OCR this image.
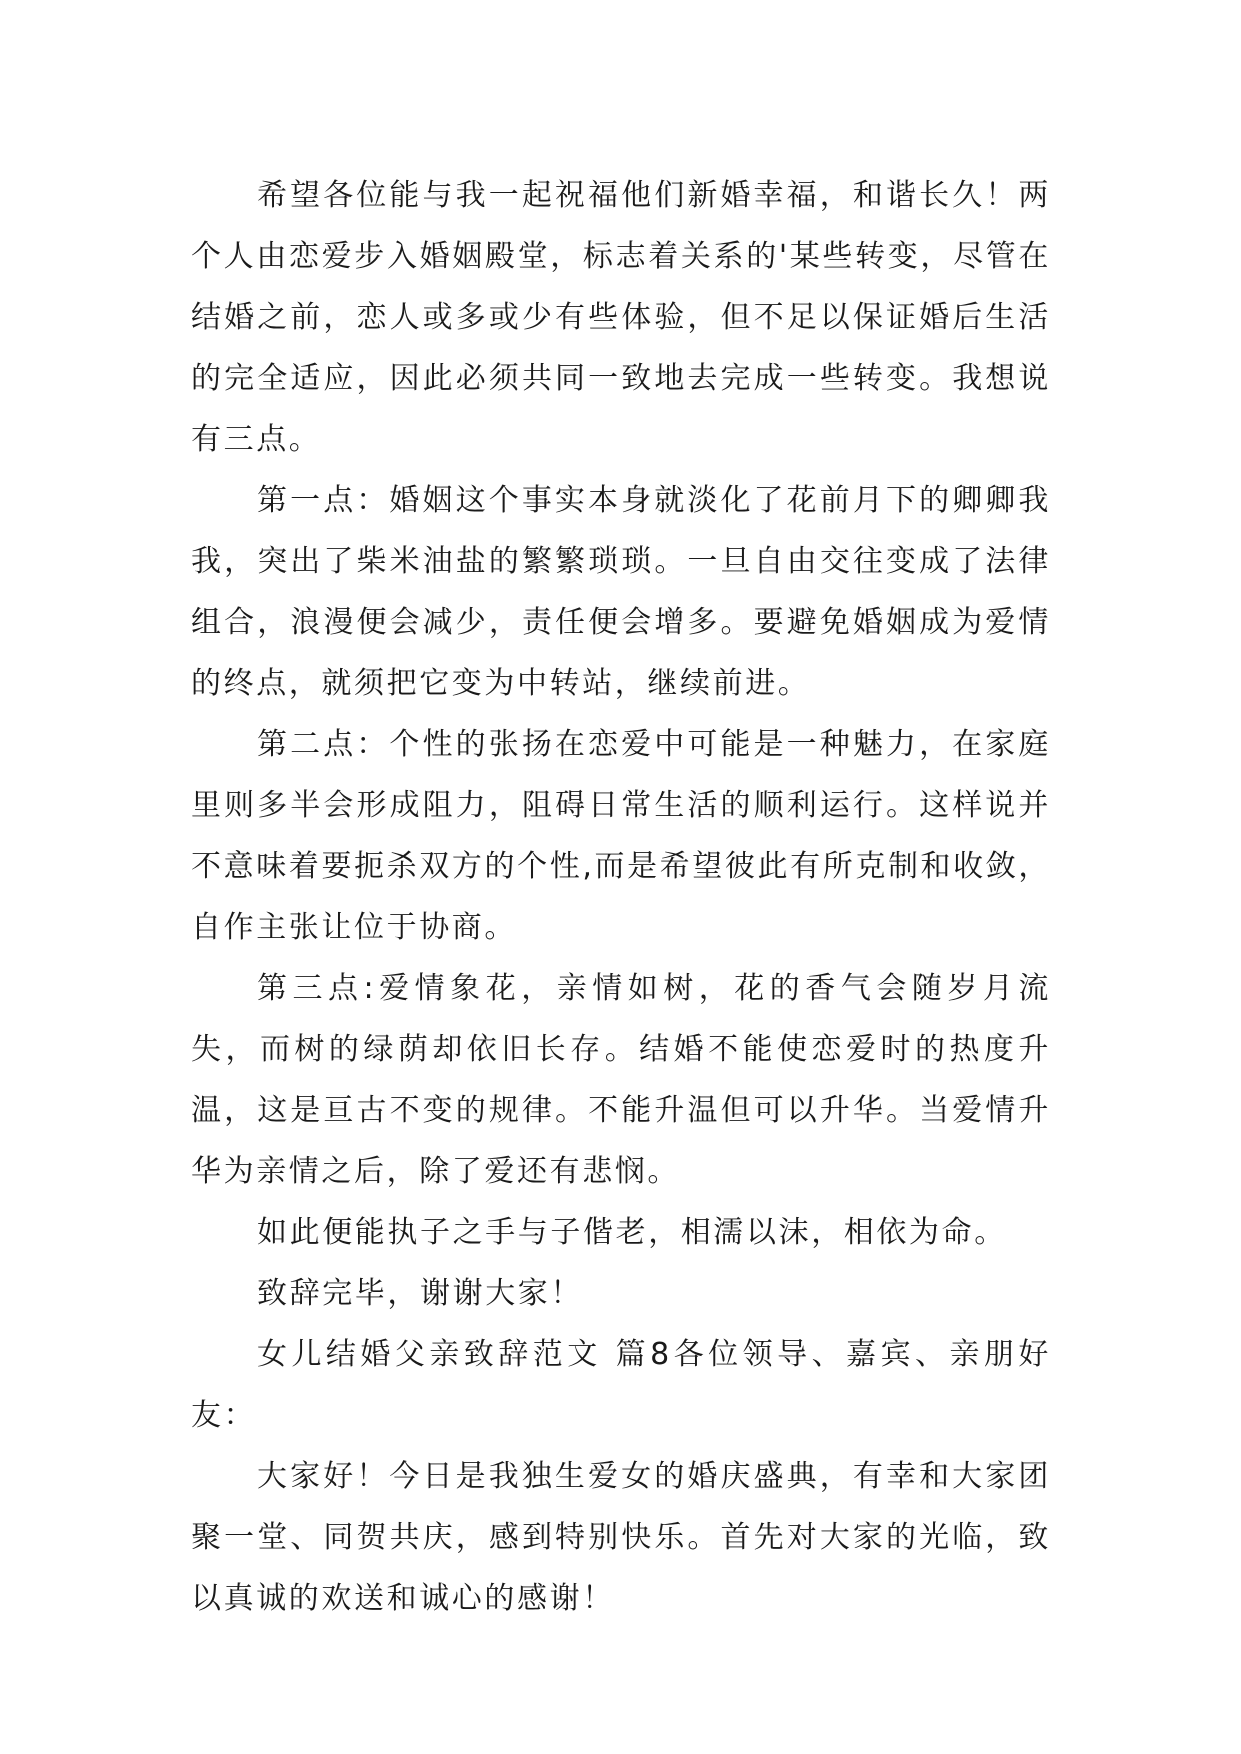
希望各位能与我一起祝福他们新婚幸福，和谐长久！两个人由恋爱步入婚姻殿堂，标志着关系的'某些转变，尽管在结婚之前，恋人或多或少有些体验，但不足以保证婚后生活的完全适应，因此必须共同一致地去完成一些转变。我想说有三点。

第一点：婚姻这个事实本身就淡化了花前月下的卿卿我我，突出了柴米油盐的繁繁琐琐。一旦自由交往变成了法律组合，浪漫便会减少，责任便会增多。要避免婚姻成为爱情的终点，就须把它变为中转站，继续前进。

第二点：个性的张扬在恋爱中可能是一种魅力，在家庭里则多半会形成阻力，阻碍日常生活的顺利运行。这样说并不意味着要扼杀双方的个性,而是希望彼此有所克制和收敛，自作主张让位于协商。

第三点:爱情象花，亲情如树，花的香气会随岁月流失，而树的绿荫却依旧长存。结婚不能使恋爱时的热度升温，这是亘古不变的规律。不能升温但可以升华。当爱情升华为亲情之后，除了爱还有悲悯。

如此便能执子之手与子偕老，相濡以沫，相依为命。

致辞完毕，谢谢大家！

女儿结婚父亲致辞范文 篇8各位领导、嘉宾、亲朋好友：

大家好！今日是我独生爱女的婚庆盛典，有幸和大家团聚一堂、同贺共庆，感到特别快乐。首先对大家的光临，致以真诚的欢送和诚心的感谢！
